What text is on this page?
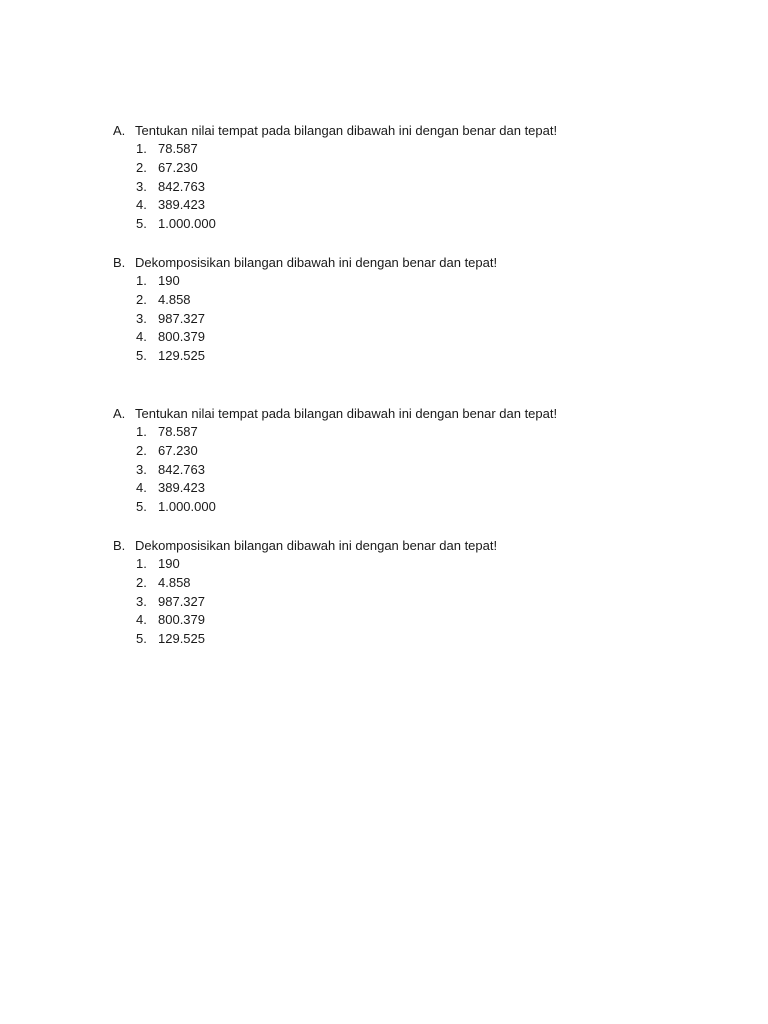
A. Tentukan nilai tempat pada bilangan dibawah ini dengan benar dan tepat!
1. 78.587
2. 67.230
3. 842.763
4. 389.423
5. 1.000.000
B. Dekomposisikan bilangan dibawah ini dengan benar dan tepat!
1. 190
2. 4.858
3. 987.327
4. 800.379
5. 129.525
A. Tentukan nilai tempat pada bilangan dibawah ini dengan benar dan tepat!
1. 78.587
2. 67.230
3. 842.763
4. 389.423
5. 1.000.000
B. Dekomposisikan bilangan dibawah ini dengan benar dan tepat!
1. 190
2. 4.858
3. 987.327
4. 800.379
5. 129.525
